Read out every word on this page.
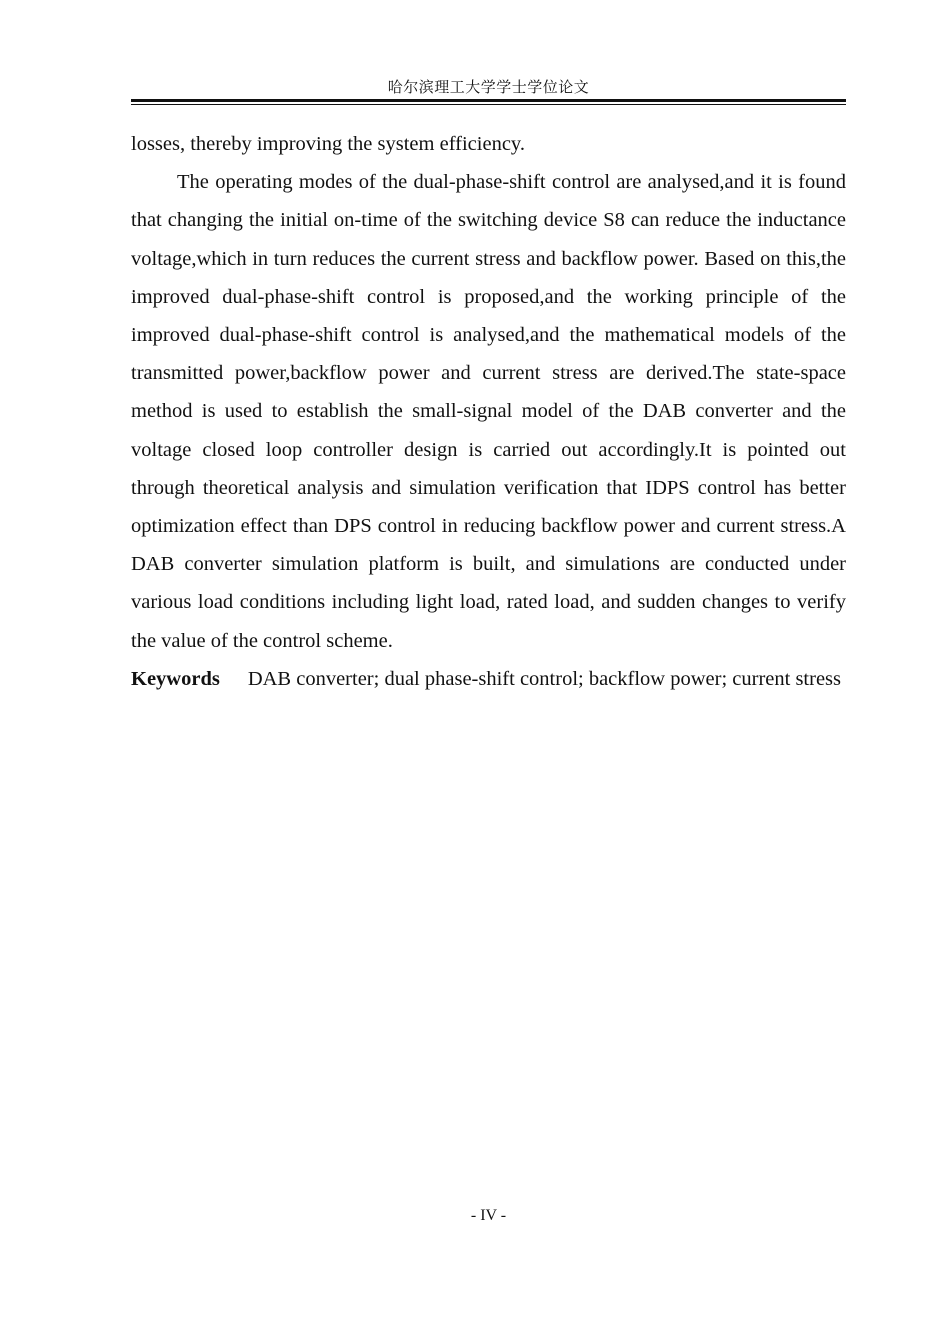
哈尔滨理工大学学士学位论文

losses, thereby improving the system efficiency.

The operating modes of the dual-phase-shift control are analysed,and it is found that changing the initial on-time of the switching device S8 can reduce the inductance voltage,which in turn reduces the current stress and backflow power. Based on this,the improved dual-phase-shift control is proposed,and the working principle of the improved dual-phase-shift control is analysed,and the mathematical models of the transmitted power,backflow power and current stress are derived.The state-space method is used to establish the small-signal model of the DAB converter and the voltage closed loop controller design is carried out accordingly.It is pointed out through theoretical analysis and simulation verification that IDPS control has better optimization effect than DPS control in reducing backflow power and current stress.A DAB converter simulation platform is built, and simulations are conducted under various load conditions including light load, rated load, and sudden changes to verify the value of the control scheme.

Keywords DAB converter; dual phase-shift control; backflow power; current stress

- IV -
